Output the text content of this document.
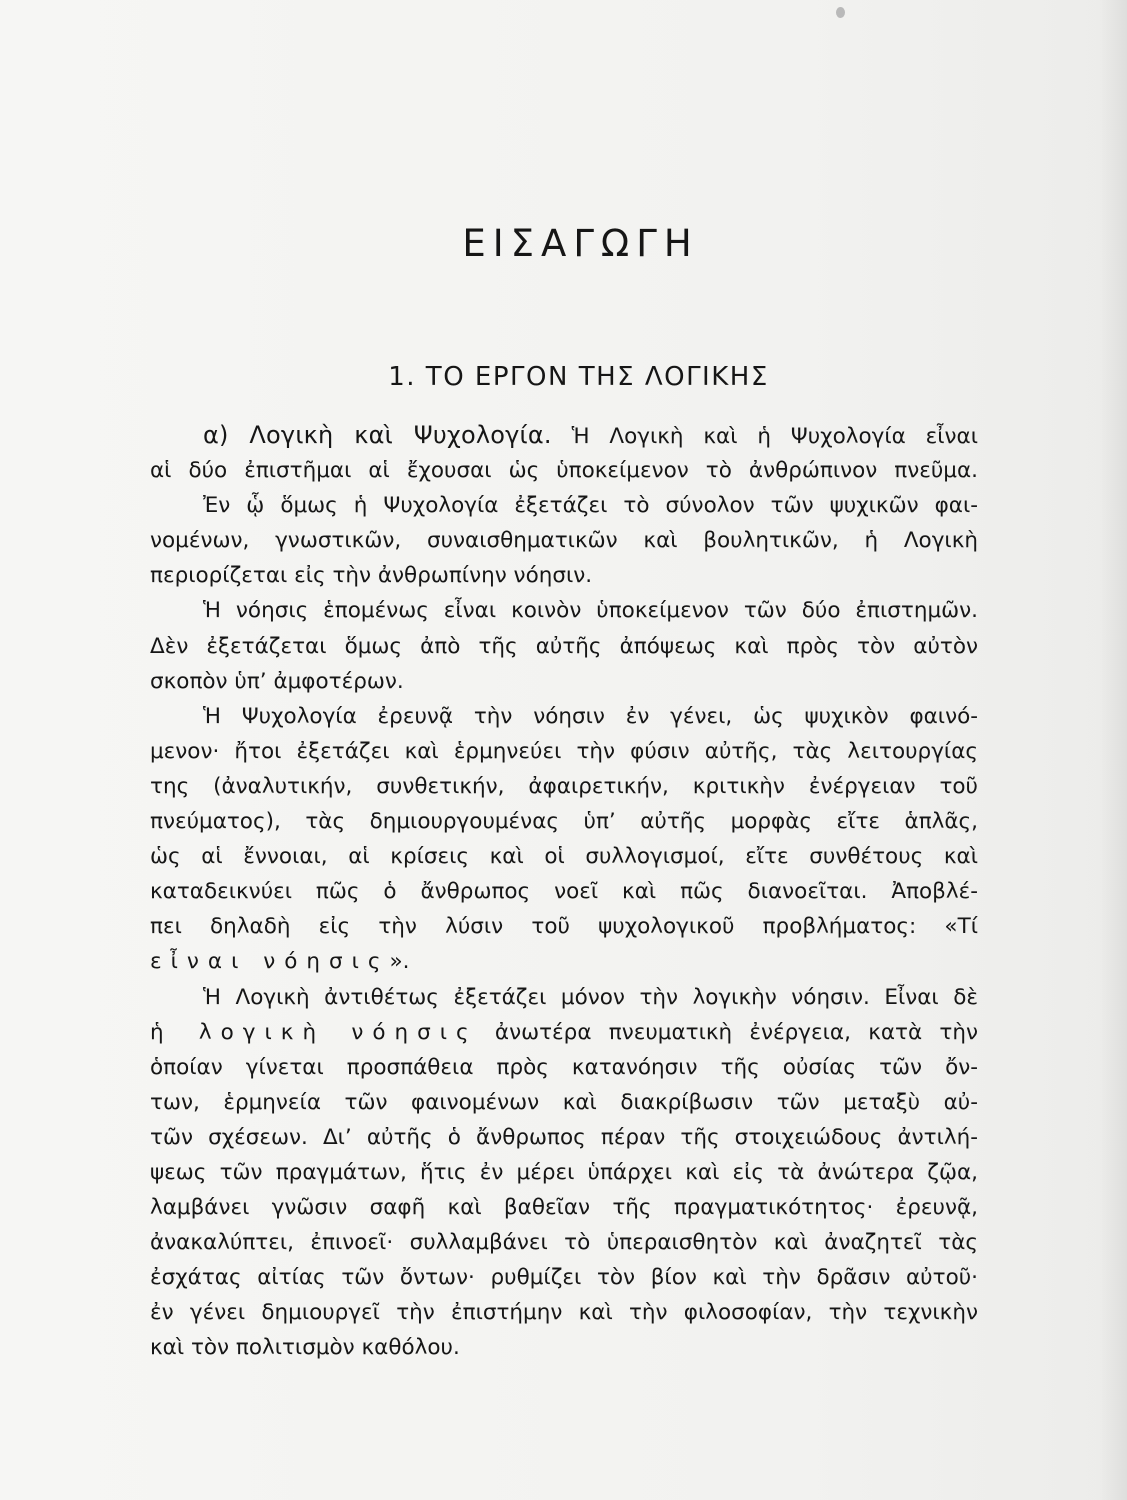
ΕΙΣΑΓΩΓΗ
1. ΤΟ ΕΡΓΟΝ ΤΗΣ ΛΟΓΙΚΗΣ
α) Λογικὴ καὶ Ψυχολογία. Ἡ Λογικὴ καὶ ἡ Ψυχολογία εἶναι
αἱ δύο ἐπιστῆμαι αἱ ἔχουσαι ὡς ὑποκείμενον τὸ ἀνθρώπινον πνεῦμα.
Ἐν ᾧ ὅμως ἡ Ψυχολογία ἐξετάζει τὸ σύνολον τῶν ψυχικῶν φαι-
νομένων, γνωστικῶν, συναισθηματικῶν καὶ βουλητικῶν, ἡ Λογικὴ
περιορίζεται εἰς τὴν ἀνθρωπίνην νόησιν.
Ἡ νόησις ἑπομένως εἶναι κοινὸν ὑποκείμενον τῶν δύο ἐπιστημῶν.
Δὲν ἐξετάζεται ὅμως ἀπὸ τῆς αὐτῆς ἀπόψεως καὶ πρὸς τὸν αὐτὸν
σκοπὸν ὑπ’ ἀμφοτέρων.
Ἡ Ψυχολογία ἐρευνᾷ τὴν νόησιν ἐν γένει, ὡς ψυχικὸν φαινό-
μενον· ἤτοι ἐξετάζει καὶ ἑρμηνεύει τὴν φύσιν αὐτῆς, τὰς λειτουργίας
της (ἀναλυτικήν, συνθετικήν, ἀφαιρετικήν, κριτικὴν ἐνέργειαν τοῦ
πνεύματος), τὰς δημιουργουμένας ὑπ’ αὐτῆς μορφὰς εἴτε ἁπλᾶς,
ὡς αἱ ἔννοιαι, αἱ κρίσεις καὶ οἱ συλλογισμοί, εἴτε συνθέτους καὶ
καταδεικνύει πῶς ὁ ἄνθρωπος νοεῖ καὶ πῶς διανοεῖται. Ἀποβλέ-
πει δηλαδὴ εἰς τὴν λύσιν τοῦ ψυχολογικοῦ προβλήματος: «Τί
εἶναι νόησις».
Ἡ Λογικὴ ἀντιθέτως ἐξετάζει μόνον τὴν λογικὴν νόησιν. Εἶναι δὲ
ἡ λογικὴ νόησις ἀνωτέρα πνευματικὴ ἐνέργεια, κατὰ τὴν
ὁποίαν γίνεται προσπάθεια πρὸς κατανόησιν τῆς οὐσίας τῶν ὄν-
των, ἑρμηνεία τῶν φαινομένων καὶ διακρίβωσιν τῶν μεταξὺ αὐ-
τῶν σχέσεων. Δι’ αὐτῆς ὁ ἄνθρωπος πέραν τῆς στοιχειώδους ἀντιλή-
ψεως τῶν πραγμάτων, ἥτις ἐν μέρει ὑπάρχει καὶ εἰς τὰ ἀνώτερα ζῷα,
λαμβάνει γνῶσιν σαφῆ καὶ βαθεῖαν τῆς πραγματικότητος· ἐρευνᾷ,
ἀνακαλύπτει, ἐπινοεῖ· συλλαμβάνει τὸ ὑπεραισθητὸν καὶ ἀναζητεῖ τὰς
ἐσχάτας αἰτίας τῶν ὄντων· ρυθμίζει τὸν βίον καὶ τὴν δρᾶσιν αὐτοῦ·
ἐν γένει δημιουργεῖ τὴν ἐπιστήμην καὶ τὴν φιλοσοφίαν, τὴν τεχνικὴν
καὶ τὸν πολιτισμὸν καθόλου.
